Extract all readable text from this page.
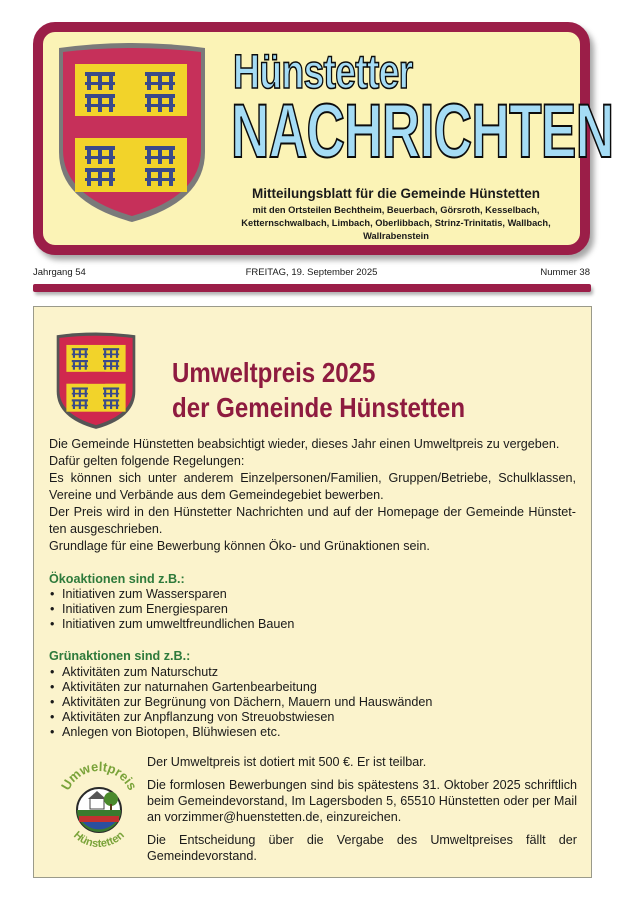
Hünstetter
NACHRICHTEN
Mitteilungsblatt für die Gemeinde Hünstetten
mit den Ortsteilen Bechtheim, Beuerbach, Görsroth, Kesselbach, Ketternschwalbach, Limbach, Oberlibbach, Strinz-Trinitatis, Wallbach, Wallrabenstein
Jahrgang 54	FREITAG, 19. September 2025	Nummer 38
Umweltpreis 2025
der Gemeinde Hünstetten

Die Gemeinde Hünstetten beabsichtigt wieder, dieses Jahr einen Umweltpreis zu vergeben.

Dafür gelten folgende Regelungen:

Es können sich unter anderem Einzelpersonen/Familien, Gruppen/Betriebe, Schulklassen, Vereine und Verbände aus dem Gemeindegebiet bewerben.

Der Preis wird in den Hünstetter Nachrichten und auf der Homepage der Gemeinde Hünstet-ten ausgeschrieben.

Grundlage für eine Bewerbung können Öko- und Grünaktionen sein.

Ökoaktionen sind z.B.:
• Initiativen zum Wassersparen
• Initiativen zum Energiesparen
• Initiativen zum umweltfreundlichen Bauen
Grünaktionen sind z.B.:
• Aktivitäten zum Naturschutz
• Aktivitäten zur naturnahen Gartenbearbeitung
• Aktivitäten zur Begrünung von Dächern, Mauern und Hauswänden
• Aktivitäten zur Anpflanzung von Streuobstwiesen
• Anlegen von Biotopen, Blühwiesen etc.
Umweltpreis
Hünstetten

Der Umweltpreis ist dotiert mit 500 €. Er ist teilbar.

Die formlosen Bewerbungen sind bis spätestens 31. Oktober 2025 schriftlich beim Gemeindevorstand, Im Lagersboden 5, 65510 Hünstetten oder per Mail an vorzimmer@huenstetten.de, einzureichen.

Die Entscheidung über die Vergabe des Umweltpreises fällt der Gemeindevorstand.
